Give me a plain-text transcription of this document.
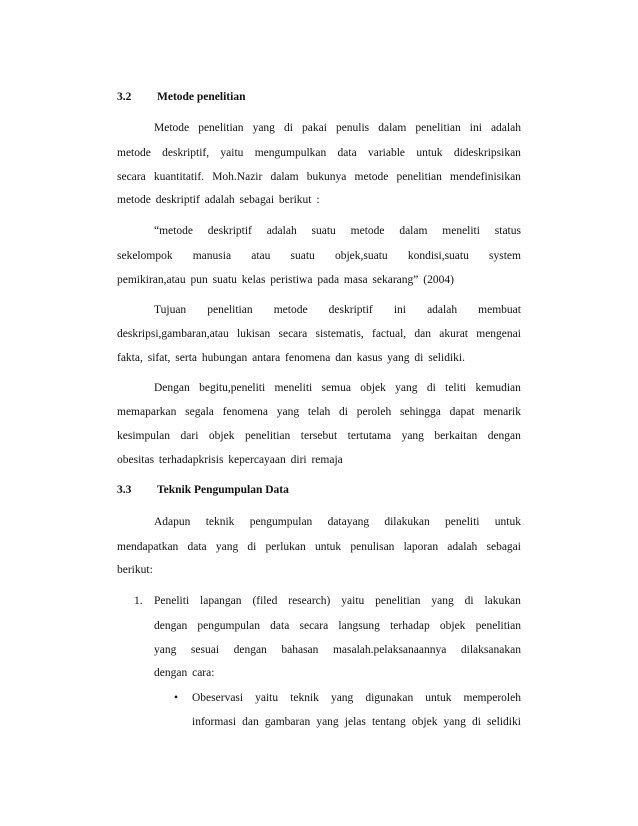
3.2	Metode penelitian
Metode penelitian yang di pakai penulis dalam penelitian ini adalah
metode deskriptif, yaitu mengumpulkan data variable untuk dideskripsikan
secara kuantitatif. Moh.Nazir dalam bukunya metode penelitian mendefinisikan
metode deskriptif adalah sebagai berikut :
“metode deskriptif adalah suatu metode dalam meneliti status
sekelompok manusia atau suatu objek,suatu kondisi,suatu system
pemikiran,atau pun suatu kelas peristiwa pada masa sekarang” (2004)
Tujuan penelitian metode deskriptif ini adalah membuat
deskripsi,gambaran,atau lukisan secara sistematis, factual, dan akurat mengenai
fakta, sifat, serta hubungan antara fenomena dan kasus yang di selidiki.
Dengan begitu,peneliti meneliti semua objek yang di teliti kemudian
memaparkan segala fenomena yang telah di peroleh sehingga dapat menarik
kesimpulan dari objek penelitian tersebut tertutama yang berkaitan dengan
obesitas terhadapkrisis kepercayaan diri remaja
3.3	Teknik Pengumpulan Data
Adapun teknik pengumpulan datayang dilakukan peneliti untuk
mendapatkan data yang di perlukan untuk penulisan laporan adalah sebagai
berikut:
1. Peneliti lapangan (filed research) yaitu penelitian yang di lakukan
dengan pengumpulan data secara langsung terhadap objek penelitian
yang sesuai dengan bahasan masalah.pelaksanaannya dilaksanakan
dengan cara:
• Obeservasi yaitu teknik yang digunakan untuk memperoleh
informasi dan gambaran yang jelas tentang objek yang di selidiki
